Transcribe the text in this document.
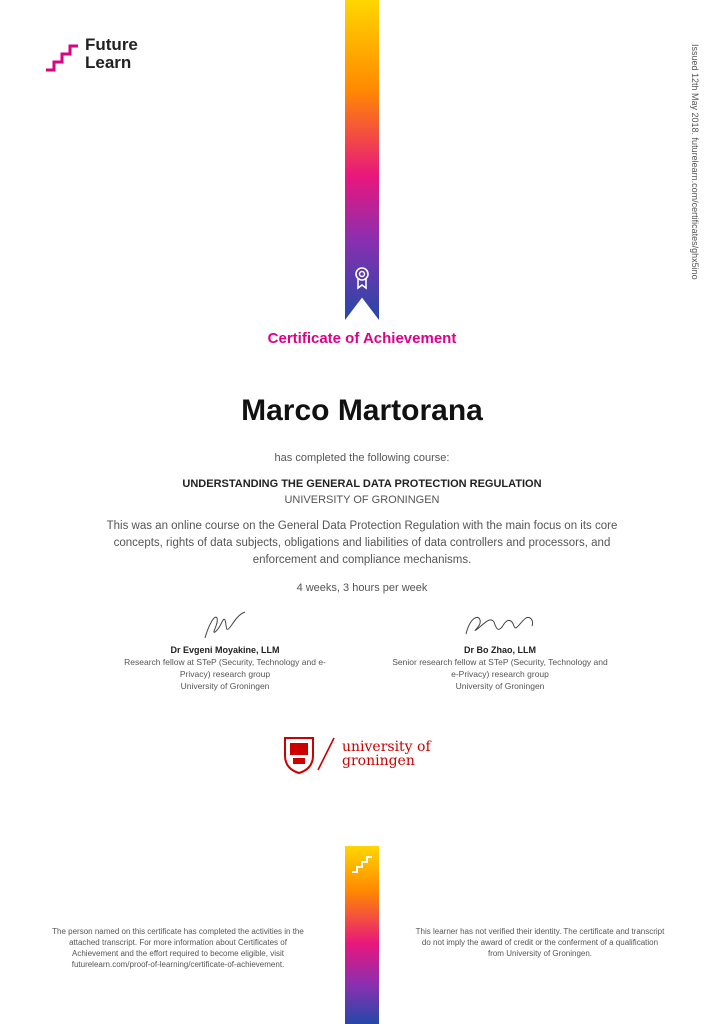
Future
Learn	Issued 12th May 2018. futurelearn.com/certificates/ghx5ino
Certificate of Achievement
Marco Martorana
has completed the following course:
UNDERSTANDING THE GENERAL DATA PROTECTION REGULATION
UNIVERSITY OF GRONINGEN
This was an online course on the General Data Protection Regulation with the main focus on its core concepts, rights of data subjects, obligations and liabilities of data controllers and processors, and enforcement and compliance mechanisms.
4 weeks, 3 hours per week
Dr Evgeni Moyakine, LLM
Research fellow at STeP (Security, Technology and e-
Privacy) research group
University of Groningen
Dr Bo Zhao, LLM
Senior research fellow at STeP (Security, Technology and
e-Privacy) research group
University of Groningen
university of
groningen
The person named on this certificate has completed the activities in the
attached transcript. For more information about Certificates of
Achievement and the effort required to become eligible, visit
futurelearn.com/proof-of-learning/certificate-of-achievement.
This learner has not verified their identity. The certificate and transcript
do not imply the award of credit or the conferment of a qualification
from University of Groningen.
